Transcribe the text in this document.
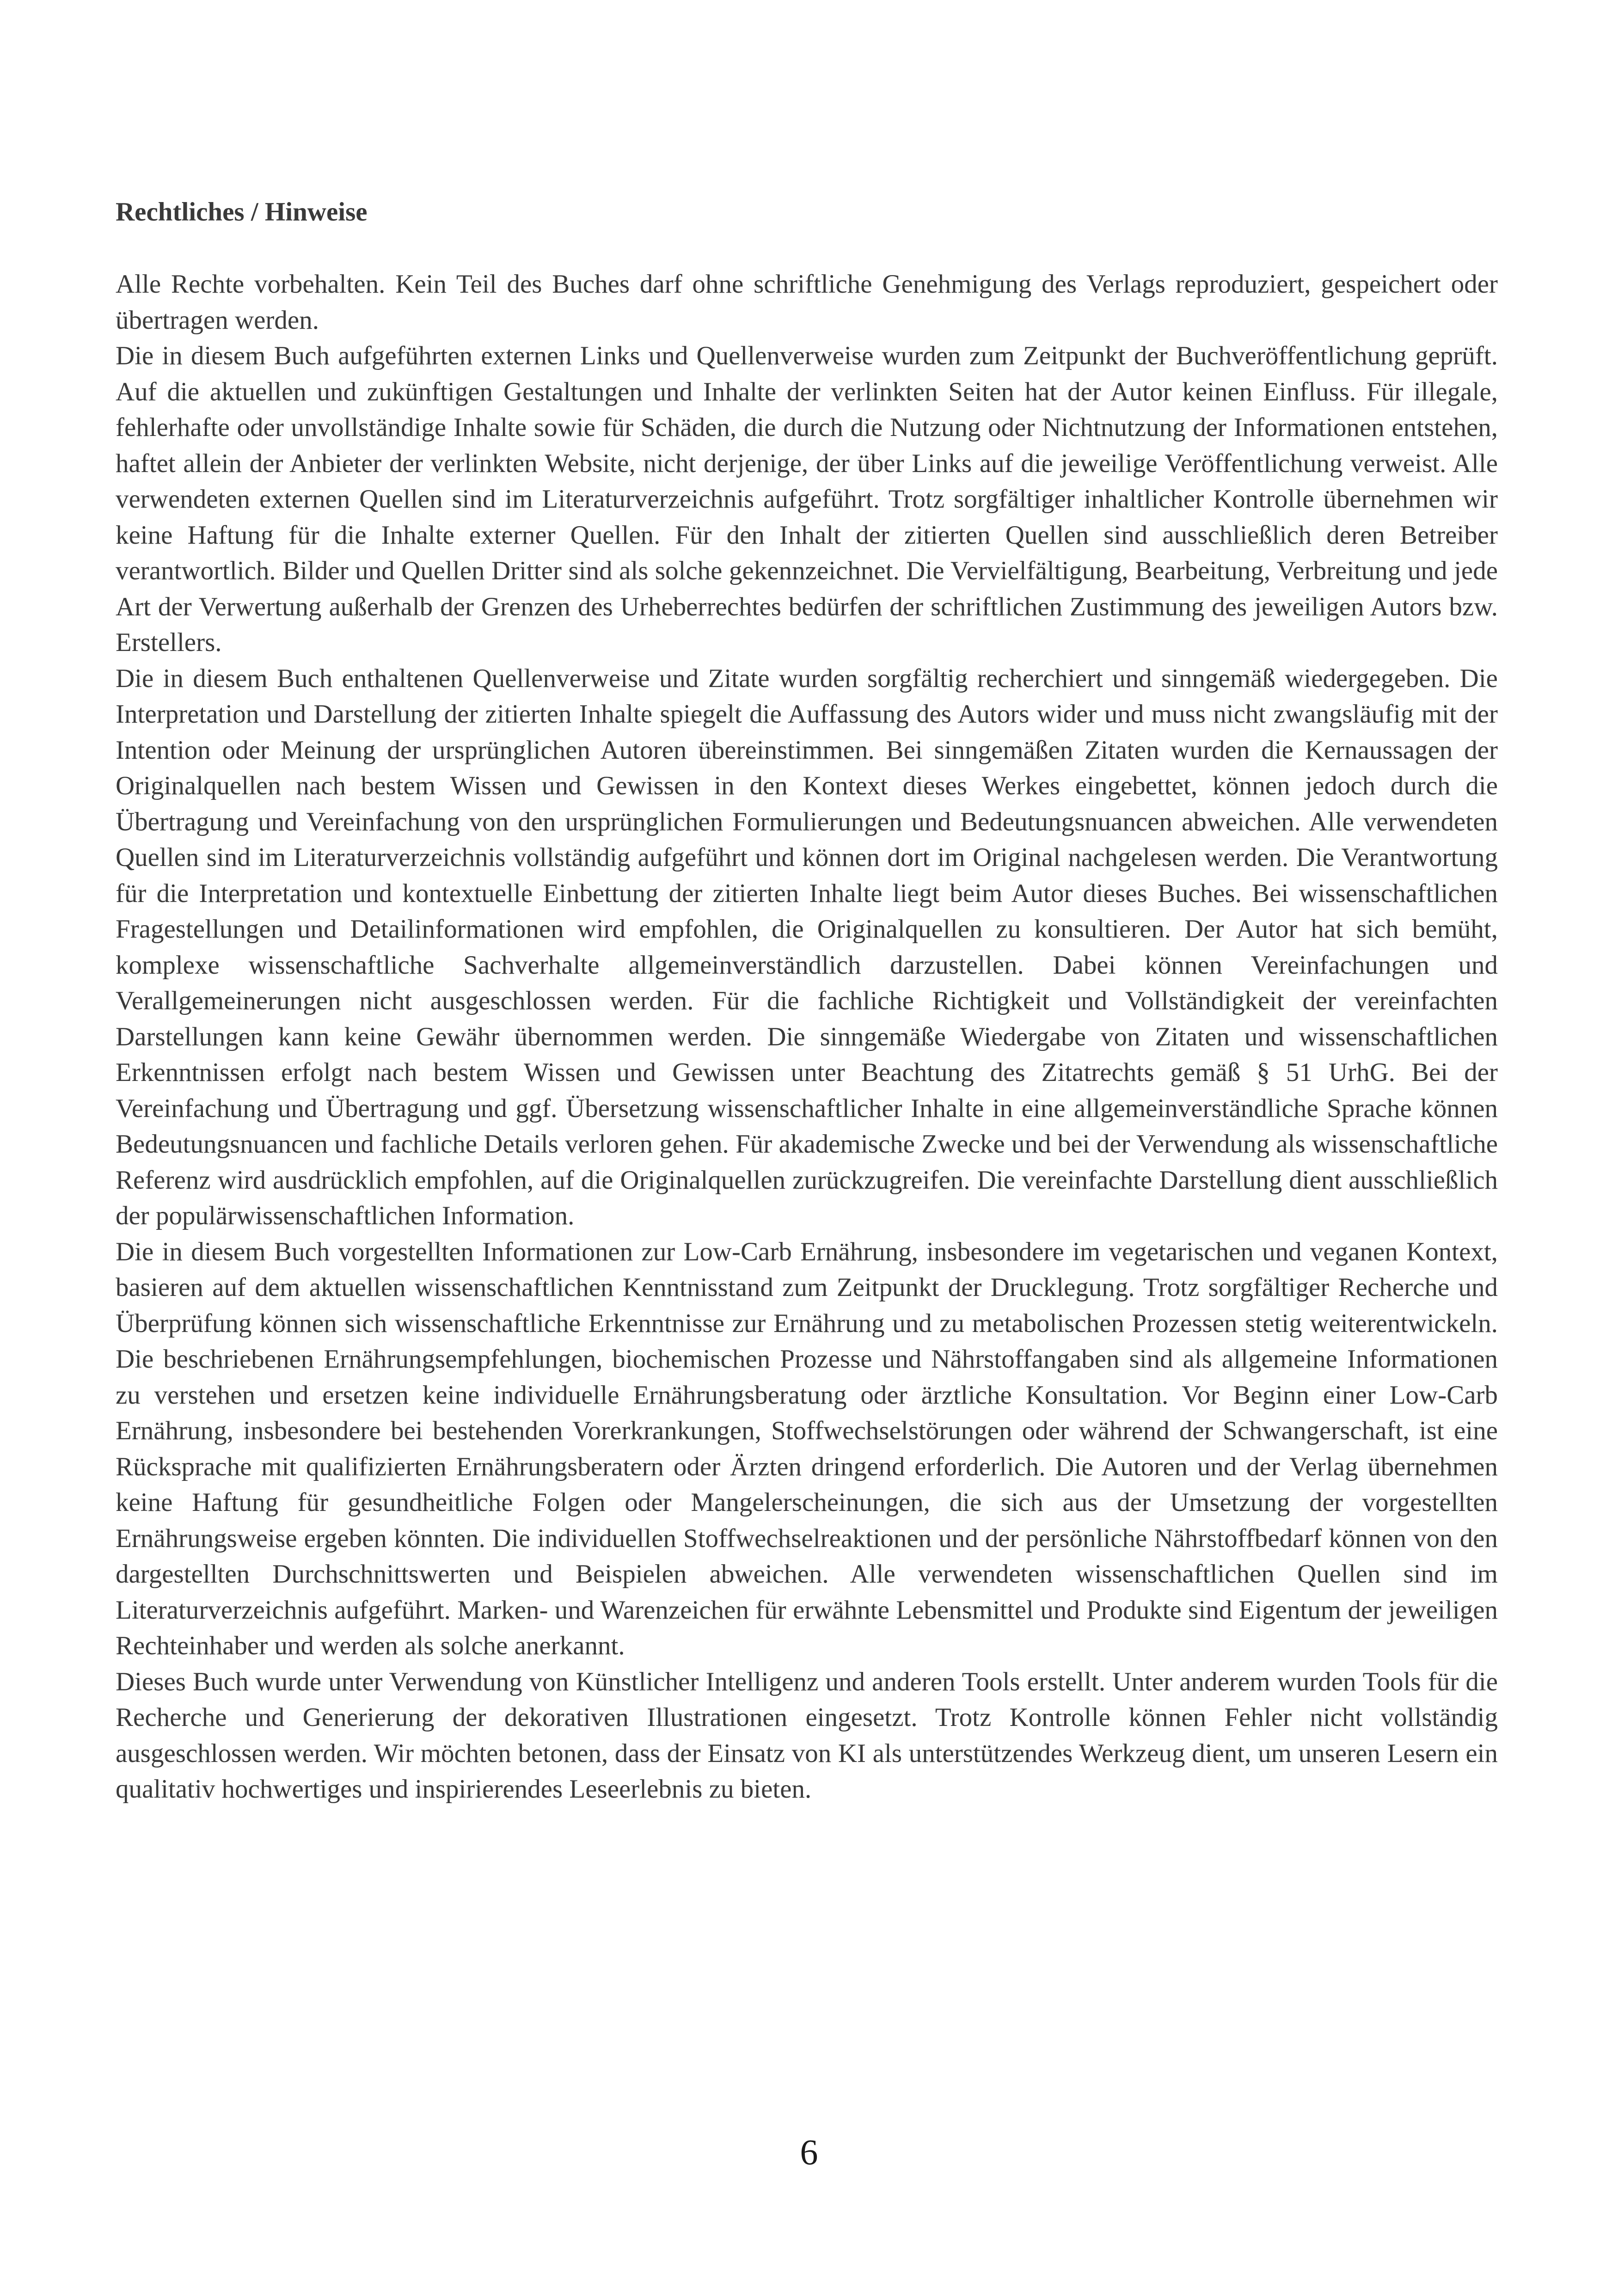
Rechtliches / Hinweise

Alle Rechte vorbehalten. Kein Teil des Buches darf ohne schriftliche Genehmigung des Verlags reproduziert, gespeichert oder übertragen werden.

Die in diesem Buch aufgeführten externen Links und Quellenverweise wurden zum Zeitpunkt der Buchveröffentlichung geprüft. Auf die aktuellen und zukünftigen Gestaltungen und Inhalte der verlinkten Seiten hat der Autor keinen Einfluss. Für illegale, fehlerhafte oder unvollständige Inhalte sowie für Schäden, die durch die Nutzung oder Nichtnutzung der Informationen entstehen, haftet allein der Anbieter der verlinkten Website, nicht derjenige, der über Links auf die jeweilige Veröffentlichung verweist. Alle verwendeten externen Quellen sind im Literaturverzeichnis aufgeführt. Trotz sorgfältiger inhaltlicher Kontrolle übernehmen wir keine Haftung für die Inhalte externer Quellen. Für den Inhalt der zitierten Quellen sind ausschließlich deren Betreiber verantwortlich. Bilder und Quellen Dritter sind als solche gekennzeichnet. Die Vervielfältigung, Bearbeitung, Verbreitung und jede Art der Verwertung außerhalb der Grenzen des Urheberrechtes bedürfen der schriftlichen Zustimmung des jeweiligen Autors bzw. Erstellers.

Die in diesem Buch enthaltenen Quellenverweise und Zitate wurden sorgfältig recherchiert und sinngemäß wiedergegeben. Die Interpretation und Darstellung der zitierten Inhalte spiegelt die Auffassung des Autors wider und muss nicht zwangsläufig mit der Intention oder Meinung der ursprünglichen Autoren übereinstimmen. Bei sinngemäßen Zitaten wurden die Kernaussagen der Originalquellen nach bestem Wissen und Gewissen in den Kontext dieses Werkes eingebettet, können jedoch durch die Übertragung und Vereinfachung von den ursprünglichen Formulierungen und Bedeutungsnuancen abweichen. Alle verwendeten Quellen sind im Literaturverzeichnis vollständig aufgeführt und können dort im Original nachgelesen werden. Die Verantwortung für die Interpretation und kontextuelle Einbettung der zitierten Inhalte liegt beim Autor dieses Buches. Bei wissenschaftlichen Fragestellungen und Detailinformationen wird empfohlen, die Originalquellen zu konsultieren. Der Autor hat sich bemüht, komplexe wissenschaftliche Sachverhalte allgemeinverständlich darzustellen. Dabei können Vereinfachungen und Verallgemeinerungen nicht ausgeschlossen werden. Für die fachliche Richtigkeit und Vollständigkeit der vereinfachten Darstellungen kann keine Gewähr übernommen werden. Die sinngemäße Wiedergabe von Zitaten und wissenschaftlichen Erkenntnissen erfolgt nach bestem Wissen und Gewissen unter Beachtung des Zitatrechts gemäß § 51 UrhG. Bei der Vereinfachung und Übertragung und ggf. Übersetzung wissenschaftlicher Inhalte in eine allgemeinverständliche Sprache können Bedeutungsnuancen und fachliche Details verloren gehen. Für akademische Zwecke und bei der Verwendung als wissenschaftliche Referenz wird ausdrücklich empfohlen, auf die Originalquellen zurückzugreifen. Die vereinfachte Darstellung dient ausschließlich der populärwissenschaftlichen Information.

Die in diesem Buch vorgestellten Informationen zur Low-Carb Ernährung, insbesondere im vegetarischen und veganen Kontext, basieren auf dem aktuellen wissenschaftlichen Kenntnisstand zum Zeitpunkt der Drucklegung. Trotz sorgfältiger Recherche und Überprüfung können sich wissenschaftliche Erkenntnisse zur Ernährung und zu metabolischen Prozessen stetig weiterentwickeln. Die beschriebenen Ernährungsempfehlungen, biochemischen Prozesse und Nährstoffangaben sind als allgemeine Informationen zu verstehen und ersetzen keine individuelle Ernährungsberatung oder ärztliche Konsultation. Vor Beginn einer Low-Carb Ernährung, insbesondere bei bestehenden Vorerkrankungen, Stoffwechselstörungen oder während der Schwangerschaft, ist eine Rücksprache mit qualifizierten Ernährungsberatern oder Ärzten dringend erforderlich. Die Autoren und der Verlag übernehmen keine Haftung für gesundheitliche Folgen oder Mangelerscheinungen, die sich aus der Umsetzung der vorgestellten Ernährungsweise ergeben könnten. Die individuellen Stoffwechselreaktionen und der persönliche Nährstoffbedarf können von den dargestellten Durchschnittswerten und Beispielen abweichen. Alle verwendeten wissenschaftlichen Quellen sind im Literaturverzeichnis aufgeführt. Marken- und Warenzeichen für erwähnte Lebensmittel und Produkte sind Eigentum der jeweiligen Rechteinhaber und werden als solche anerkannt.

Dieses Buch wurde unter Verwendung von Künstlicher Intelligenz und anderen Tools erstellt. Unter anderem wurden Tools für die Recherche und Generierung der dekorativen Illustrationen eingesetzt. Trotz Kontrolle können Fehler nicht vollständig ausgeschlossen werden. Wir möchten betonen, dass der Einsatz von KI als unterstützendes Werkzeug dient, um unseren Lesern ein qualitativ hochwertiges und inspirierendes Leseerlebnis zu bieten.

6
